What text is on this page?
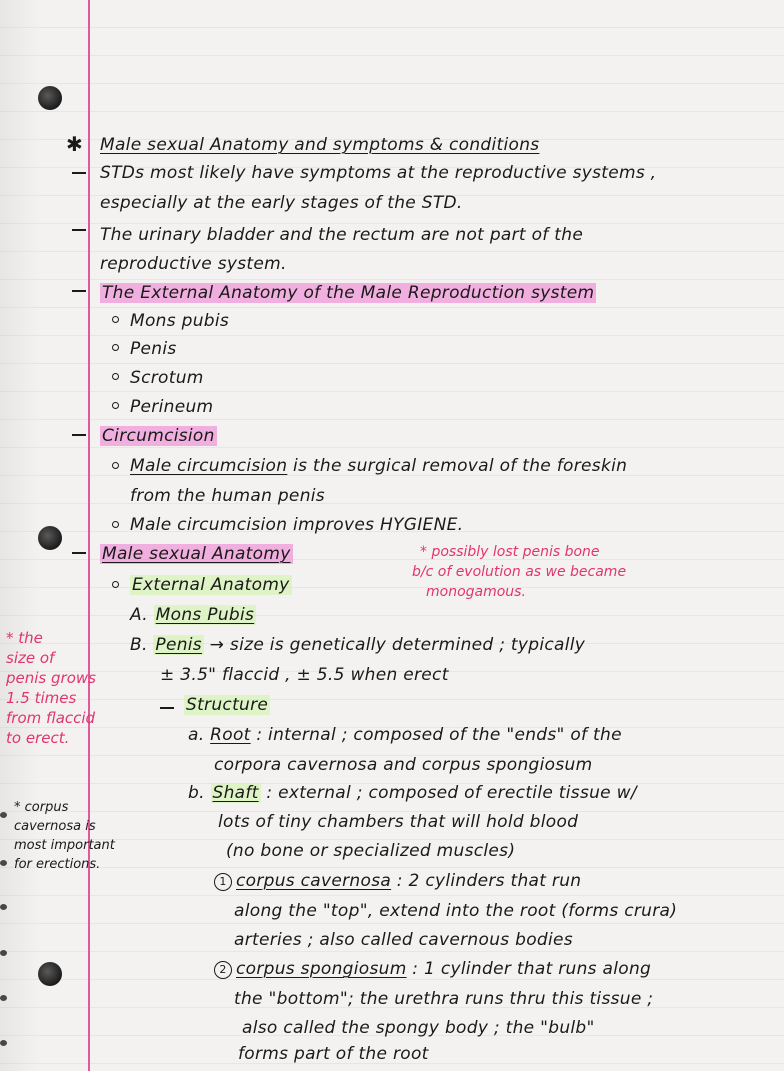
✱ Male sexual Anatomy and symptoms & conditions
STDs most likely have symptoms at the reproductive systems ,
especially at the early stages of the STD.
The urinary bladder and the rectum are not part of the
reproductive system.
The External Anatomy of the Male Reproduction system
Mons pubis
Penis
Scrotum
Perineum
Circumcision
Male circumcision is the surgical removal of the foreskin
from the human penis
Male circumcision improves HYGIENE.
Male sexual Anatomy
External Anatomy
A. Mons Pubis
B. Penis → size is genetically determined ; typically
± 3.5" flaccid , ± 5.5 when erect
Structure
a. Root : internal ; composed of the "ends" of the
corpora cavernosa and corpus spongiosum
b. Shaft : external ; composed of erectile tissue w/
lots of tiny chambers that will hold blood
(no bone or specialized muscles)
1 corpus cavernosa : 2 cylinders that run
along the "top", extend into the root (forms crura)
arteries ; also called cavernous bodies
2 corpus spongiosum : 1 cylinder that runs along
the "bottom"; the urethra runs thru this tissue ;
also called the spongy body ; the "bulb"
forms part of the root
* possibly lost penis bone
b/c of evolution as we became
monogamous.
* the
size of
penis grows
1.5 times
from flaccid
to erect.
* corpus
cavernosa is
most important
for erections.
